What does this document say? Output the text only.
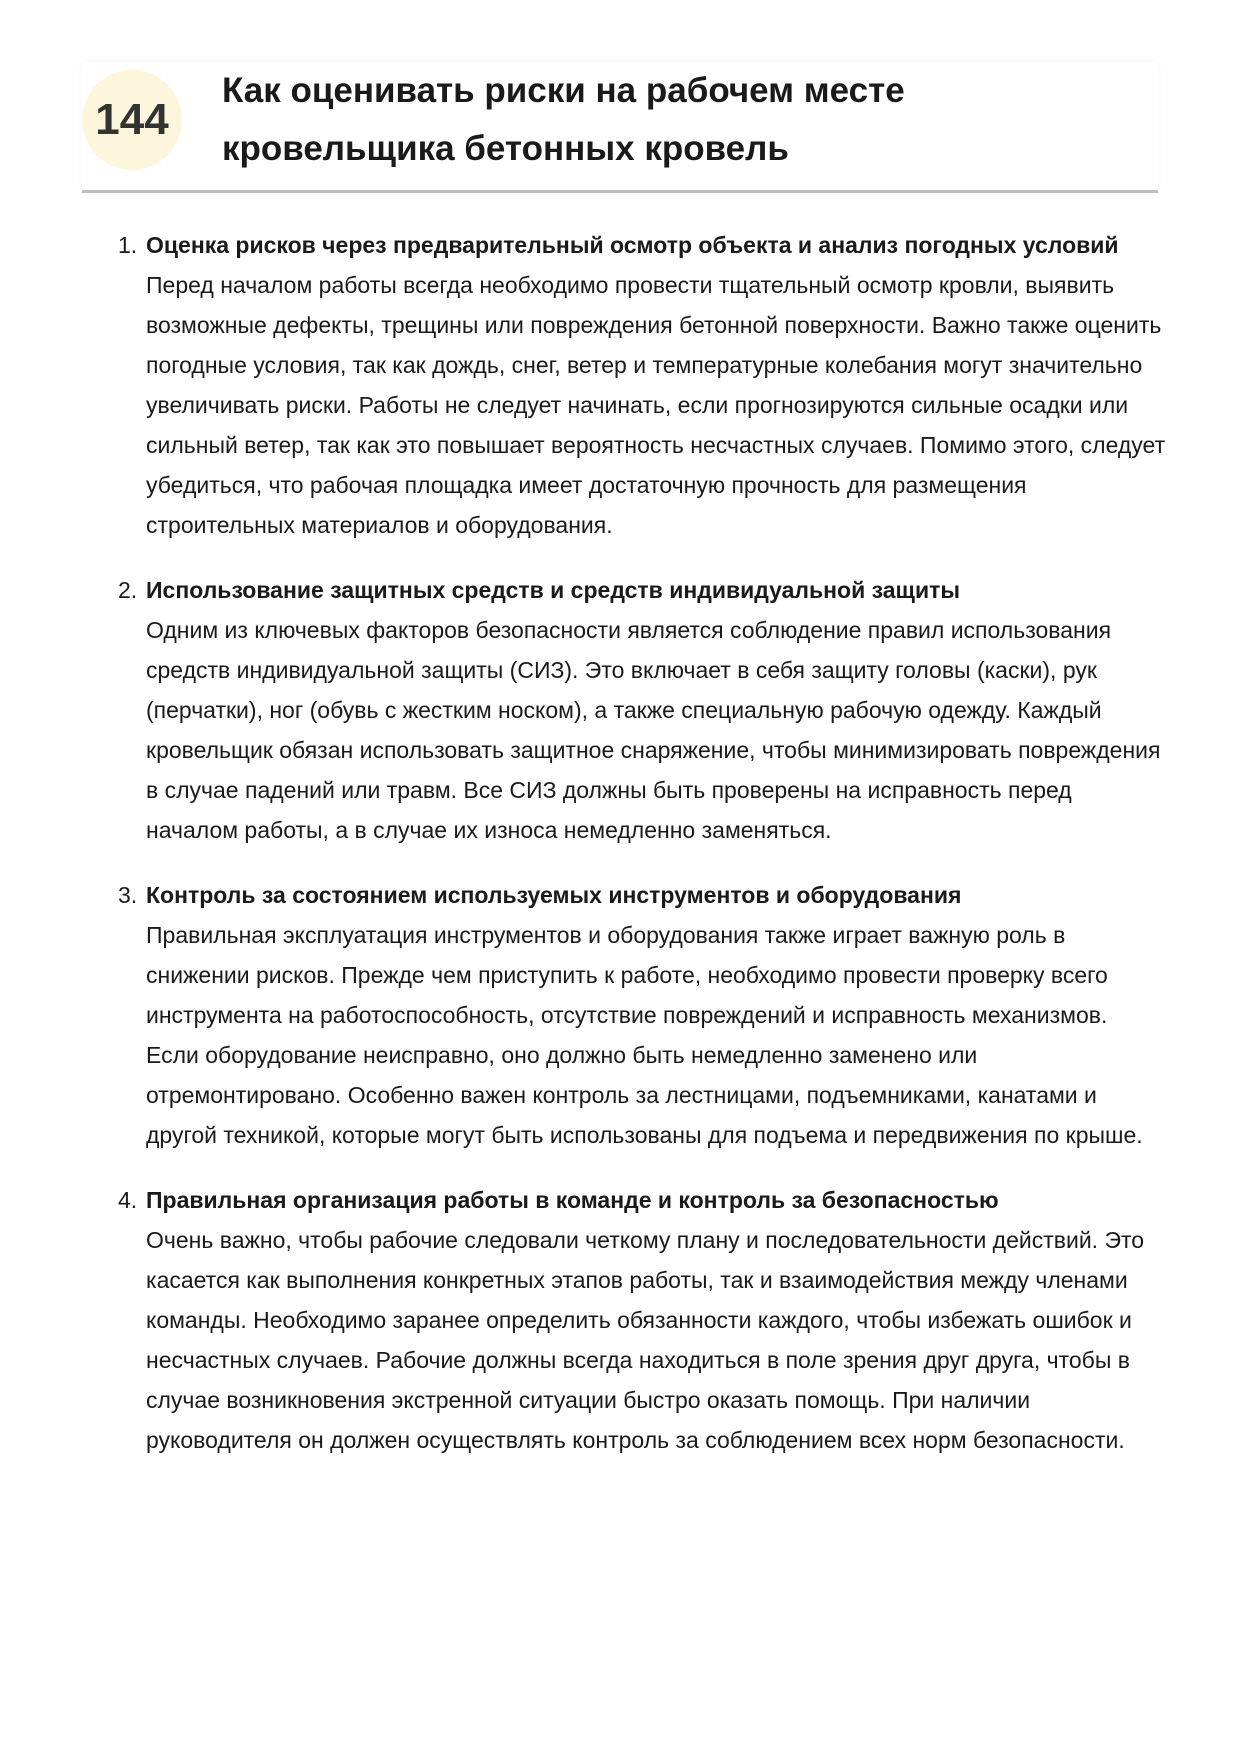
144
Как оценивать риски на рабочем месте
кровельщика бетонных кровель
1. Оценка рисков через предварительный осмотр объекта и анализ погодных условий
Перед началом работы всегда необходимо провести тщательный осмотр кровли, выявить возможные дефекты, трещины или повреждения бетонной поверхности. Важно также оценить погодные условия, так как дождь, снег, ветер и температурные колебания могут значительно увеличивать риски. Работы не следует начинать, если прогнозируются сильные осадки или сильный ветер, так как это повышает вероятность несчастных случаев. Помимо этого, следует убедиться, что рабочая площадка имеет достаточную прочность для размещения строительных материалов и оборудования.
2. Использование защитных средств и средств индивидуальной защиты
Одним из ключевых факторов безопасности является соблюдение правил использования средств индивидуальной защиты (СИЗ). Это включает в себя защиту головы (каски), рук (перчатки), ног (обувь с жестким носком), а также специальную рабочую одежду. Каждый кровельщик обязан использовать защитное снаряжение, чтобы минимизировать повреждения в случае падений или травм. Все СИЗ должны быть проверены на исправность перед началом работы, а в случае их износа немедленно заменяться.
3. Контроль за состоянием используемых инструментов и оборудования
Правильная эксплуатация инструментов и оборудования также играет важную роль в снижении рисков. Прежде чем приступить к работе, необходимо провести проверку всего инструмента на работоспособность, отсутствие повреждений и исправность механизмов. Если оборудование неисправно, оно должно быть немедленно заменено или отремонтировано. Особенно важен контроль за лестницами, подъемниками, канатами и другой техникой, которые могут быть использованы для подъема и передвижения по крыше.
4. Правильная организация работы в команде и контроль за безопасностью
Очень важно, чтобы рабочие следовали четкому плану и последовательности действий. Это касается как выполнения конкретных этапов работы, так и взаимодействия между членами команды. Необходимо заранее определить обязанности каждого, чтобы избежать ошибок и несчастных случаев. Рабочие должны всегда находиться в поле зрения друг друга, чтобы в случае возникновения экстренной ситуации быстро оказать помощь. При наличии руководителя он должен осуществлять контроль за соблюдением всех норм безопасности.
